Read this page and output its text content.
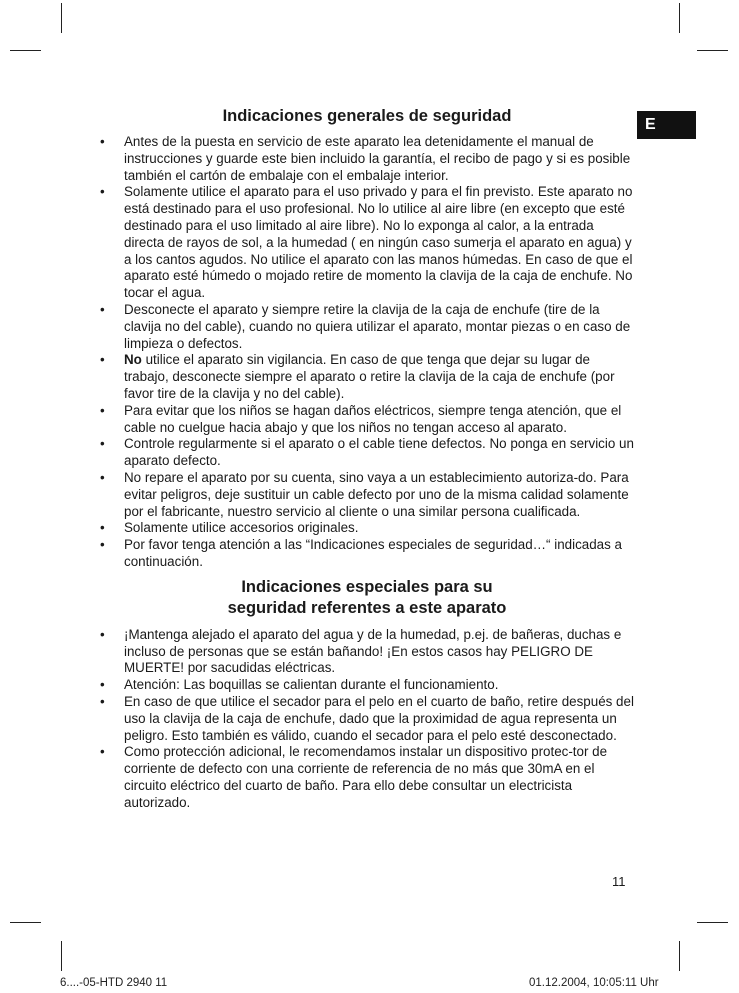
E
Indicaciones generales de seguridad
• Antes de la puesta en servicio de este aparato lea detenidamente el manual de instrucciones y guarde este bien incluido la garantía, el recibo de pago y si es posible también el cartón de embalaje con el embalaje interior.
• Solamente utilice el aparato para el uso privado y para el fin previsto. Este aparato no está destinado para el uso profesional. No lo utilice al aire libre (en excepto que esté destinado para el uso limitado al aire libre). No lo exponga al calor, a la entrada directa de rayos de sol, a la humedad ( en ningún caso sumerja el aparato en agua) y a los cantos agudos. No utilice el aparato con las manos húmedas. En caso de que el aparato esté húmedo o mojado retire de momento la clavija de la caja de enchufe. No tocar el agua.
• Desconecte el aparato y siempre retire la clavija de la caja de enchufe (tire de la clavija no del cable), cuando no quiera utilizar el aparato, montar piezas o en caso de limpieza o defectos.
• No utilice el aparato sin vigilancia. En caso de que tenga que dejar su lugar de trabajo, desconecte siempre el aparato o retire la clavija de la caja de enchufe (por favor tire de la clavija y no del cable).
• Para evitar que los niños se hagan daños eléctricos, siempre tenga atención, que el cable no cuelgue hacia abajo y que los niños no tengan acceso al aparato.
• Controle regularmente si el aparato o el cable tiene defectos. No ponga en servicio un aparato defecto.
• No repare el aparato por su cuenta, sino vaya a un establecimiento autoriza-do. Para evitar peligros, deje sustituir un cable defecto por uno de la misma calidad solamente por el fabricante, nuestro servicio al cliente o una similar persona cualificada.
• Solamente utilice accesorios originales.
• Por favor tenga atención a las “Indicaciones especiales de seguridad…“ indicadas a continuación.
Indicaciones especiales para su
seguridad referentes a este aparato
• ¡Mantenga alejado el aparato del agua y de la humedad, p.ej. de bañeras, duchas e incluso de personas que se están bañando! ¡En estos casos hay PELIGRO DE MUERTE! por sacudidas eléctricas.
• Atención: Las boquillas se calientan durante el funcionamiento.
• En caso de que utilice el secador para el pelo en el cuarto de baño, retire después del uso la clavija de la caja de enchufe, dado que la proximidad de agua representa un peligro. Esto también es válido, cuando el secador para el pelo esté desconectado.
• Como protección adicional, le recomendamos instalar un dispositivo protec-tor de corriente de defecto con una corriente de referencia de no más que 30mA en el circuito eléctrico del cuarto de baño. Para ello debe consultar un electricista autorizado.
11
6....-05-HTD 2940 11	01.12.2004, 10:05:11 Uhr
